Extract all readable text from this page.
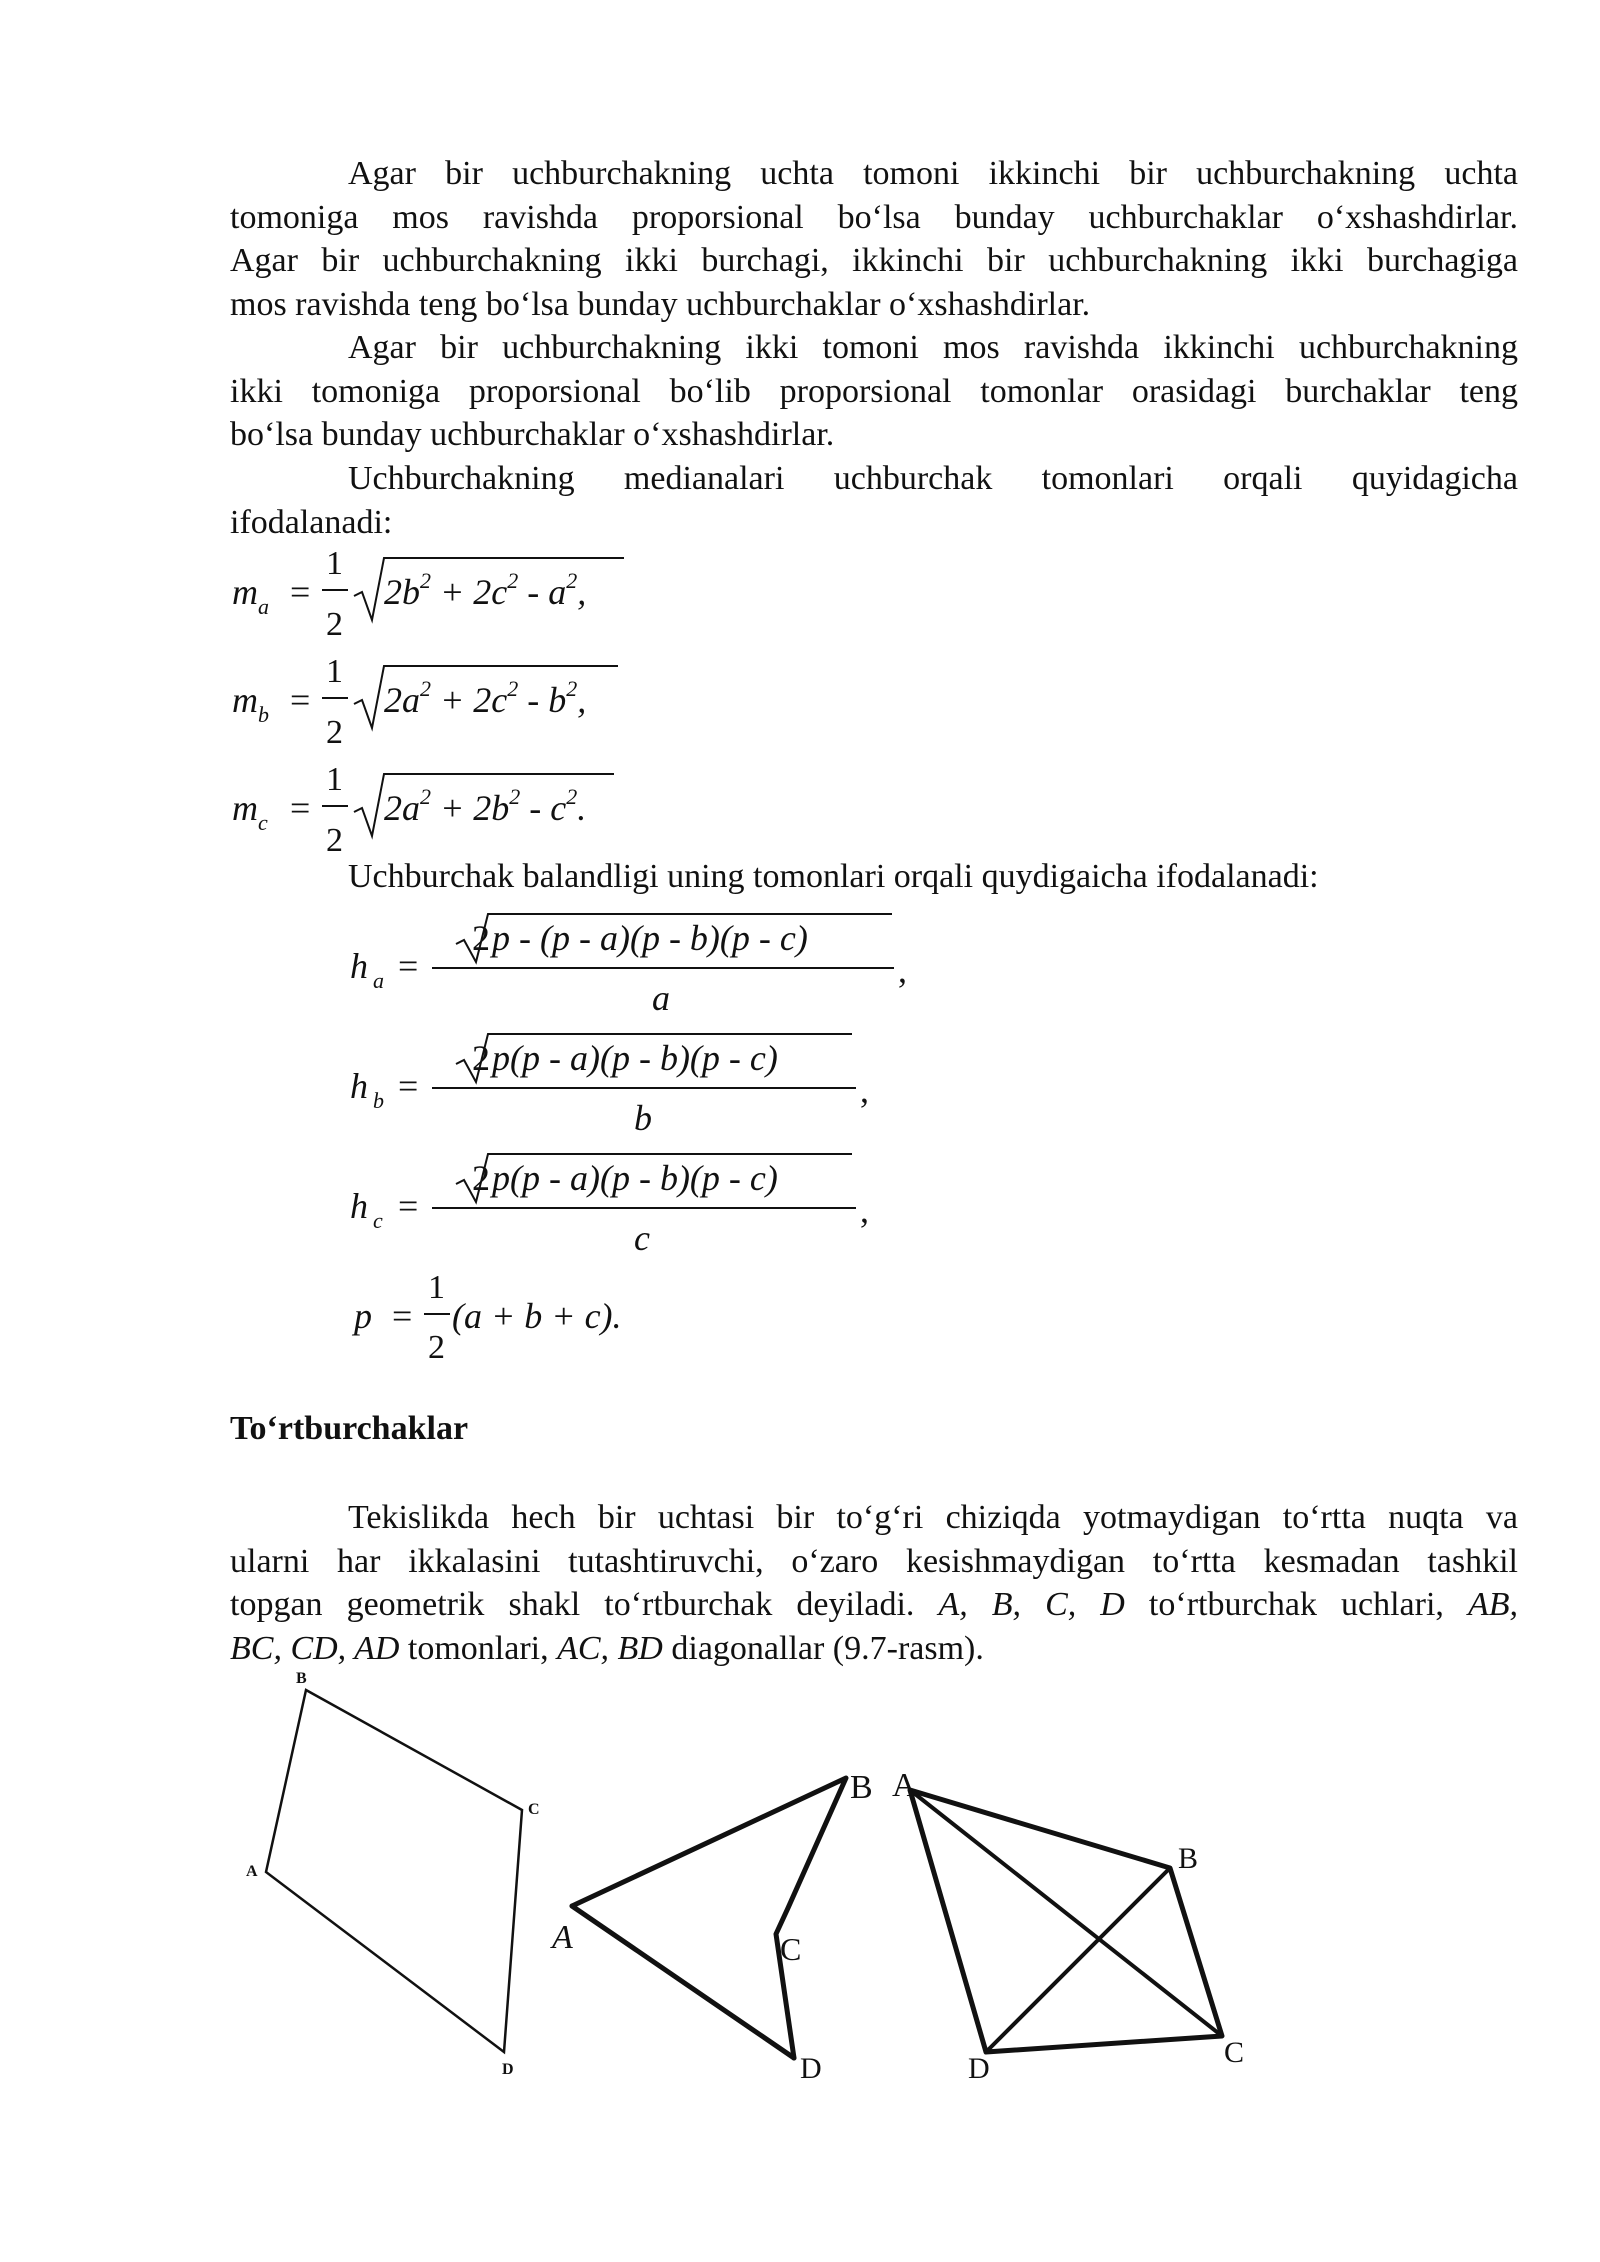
Agar bir uchburchakning uchta tomoni ikkinchi bir uchburchakning uchta
tomoniga mos ravishda proporsional bo‘lsa bunday uchburchaklar o‘xshashdirlar.
Agar bir uchburchakning ikki burchagi, ikkinchi bir uchburchakning ikki burchagiga
mos ravishda teng bo‘lsa bunday uchburchaklar o‘xshashdirlar.
Agar bir uchburchakning ikki tomoni mos ravishda ikkinchi uchburchakning
ikki tomoniga proporsional bo‘lib proporsional tomonlar orasidagi burchaklar teng
bo‘lsa bunday uchburchaklar o‘xshashdirlar.
Uchburchakning medianalari uchburchak tomonlari orqali quyidagicha
ifodalanadi:
m a =
1
2
$2b^2 + 2c^2 - a^2$,
m b =
1
2
$2a^2 + 2c^2 - b^2$,
m c =
1
2
$2a^2 + 2b^2 - c^2$.
h a =
2 p - (p - a)(p - b)(p - c)
a
,
h b =
2 p(p - a)(p - b)(p - c)
b
,
h c =
2 p(p - a)(p - b)(p - c)
c
,
p =
1
2
(a + b + c).

Uchburchak balandligi uning tomonlari orqali quydigaicha ifodalanadi:

To‘rtburchaklar
Tekislikda hech bir uchtasi bir to‘g‘ri chiziqda yotmaydigan to‘rtta nuqta va
ularni har ikkalasini tutashtiruvchi, o‘zaro kesishmaydigan to‘rtta kesmadan tashkil
topgan geometrik shakl to‘rtburchak deyiladi. A, B, C, D to‘rtburchak uchlari, AB,
BC, CD, AD tomonlari, AC, BD diagonallar (9.7-rasm).
B
C
A
D
B
A	C
D
A
B
D	C
